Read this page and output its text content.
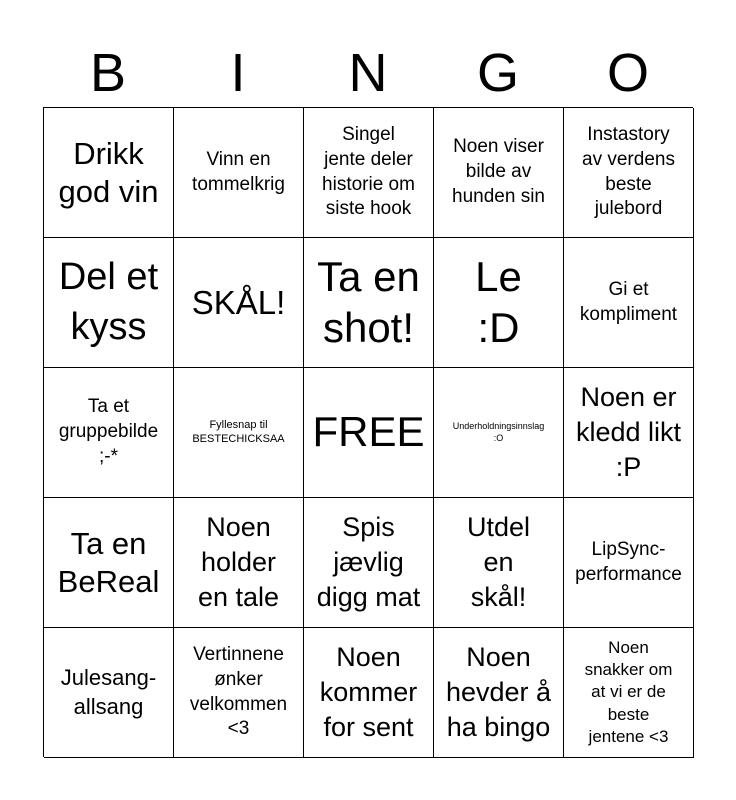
B	I	N	G	O
Drikk
god vin
Vinn en
tommelkrig
Singel
jente deler
historie om
siste hook
Noen viser
bilde av
hunden sin
Instastory
av verdens
beste
julebord
Del et
kyss
SKÅL!
Ta en
shot!
Le
:D
Gi et
kompliment
Ta et
gruppebilde
;-*
Fyllesnap til
BESTECHICKSAA FREE	Underholdningsinnslag
:O
Noen er
kledd likt
:P
Ta en
BeReal
Noen
holder
en tale
Spis
jævlig
digg mat
Utdel
en
skål!
LipSync-
performance
Julesang-
allsang
Vertinnene
ønker
velkommen
<3
Noen
kommer
for sent
Noen
hevder å
ha bingo
Noen
snakker om
at vi er de
beste
jentene <3
